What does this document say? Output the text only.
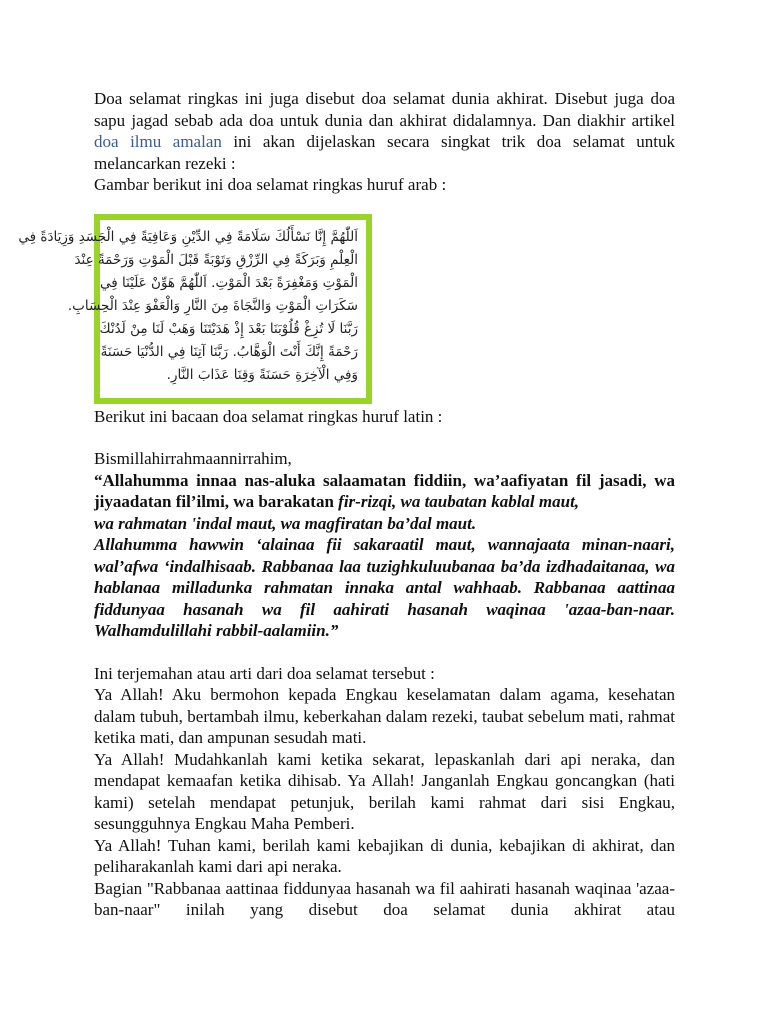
Doa selamat ringkas ini juga disebut doa selamat dunia akhirat. Disebut juga doa sapu jagad sebab ada doa untuk dunia dan akhirat didalamnya. Dan diakhir artikel doa ilmu amalan ini akan dijelaskan secara singkat trik doa selamat untuk melancarkan rezeki :

Gambar berikut ini doa selamat ringkas huruf arab :

اَللّٰهُمَّ إِنَّا نَسْأَلُكَ سَلَامَةً فِي الدِّيْنِ وَعَافِيَةً فِي الْجَسَدِ وَزِيَادَةً فِي
الْعِلْمِ وَبَرَكَةً فِي الرِّزْقِ وَتَوْبَةً قَبْلَ الْمَوْتِ وَرَحْمَةً عِنْدَ
الْمَوْتِ وَمَغْفِرَةً بَعْدَ الْمَوْتِ. اَللّٰهُمَّ هَوِّنْ عَلَيْنَا فِي
سَكَرَاتِ الْمَوْتِ وَالنَّجَاةَ مِنَ النَّارِ وَالْعَفْوَ عِنْدَ الْحِسَابِ.
رَبَّنَا لَا تُزِغْ قُلُوْبَنَا بَعْدَ إِذْ هَدَيْتَنَا وَهَبْ لَنَا مِنْ لَدُنْكَ
رَحْمَةً إِنَّكَ أَنْتَ الْوَهَّابُ. رَبَّنَا آتِنَا فِي الدُّنْيَا حَسَنَةً
وَفِي الْآخِرَةِ حَسَنَةً وَقِنَا عَذَابَ النَّارِ.

Berikut ini bacaan doa selamat ringkas huruf latin :

Bismillahirrahmaannirrahim,

“Allahumma innaa nas-aluka salaamatan fiddiin, wa’aafiyatan fil jasadi, wa jiyaadatan fil’ilmi, wa barakatan fir-rizqi, wa taubatan kablal maut,

wa rahmatan 'indal maut, wa magfiratan ba’dal maut.

Allahumma hawwin ‘alainaa fii sakaraatil maut, wannajaata minan-naari, wal’afwa ‘indalhisaab. Rabbanaa laa tuzighkuluubanaa ba’da izdhadaitanaa, wa hablanaa milladunka rahmatan innaka antal wahhaab. Rabbanaa aattinaa fiddunyaa hasanah wa fil aahirati hasanah waqinaa 'azaa-ban-naar. Walhamdulillahi rabbil-aalamiin.”

Ini terjemahan atau arti dari doa selamat tersebut :

Ya Allah! Aku bermohon kepada Engkau keselamatan dalam agama, kesehatan dalam tubuh, bertambah ilmu, keberkahan dalam rezeki, taubat sebelum mati, rahmat ketika mati, dan ampunan sesudah mati.

Ya Allah! Mudahkanlah kami ketika sekarat, lepaskanlah dari api neraka, dan mendapat kemaafan ketika dihisab. Ya Allah! Janganlah Engkau goncangkan (hati kami) setelah mendapat petunjuk, berilah kami rahmat dari sisi Engkau, sesungguhnya Engkau Maha Pemberi.

Ya Allah! Tuhan kami, berilah kami kebajikan di dunia, kebajikan di akhirat, dan peliharakanlah kami dari api neraka.

Bagian "Rabbanaa aattinaa fiddunyaa hasanah wa fil aahirati hasanah waqinaa 'azaa-ban-naar" inilah yang disebut doa selamat dunia akhirat atau
